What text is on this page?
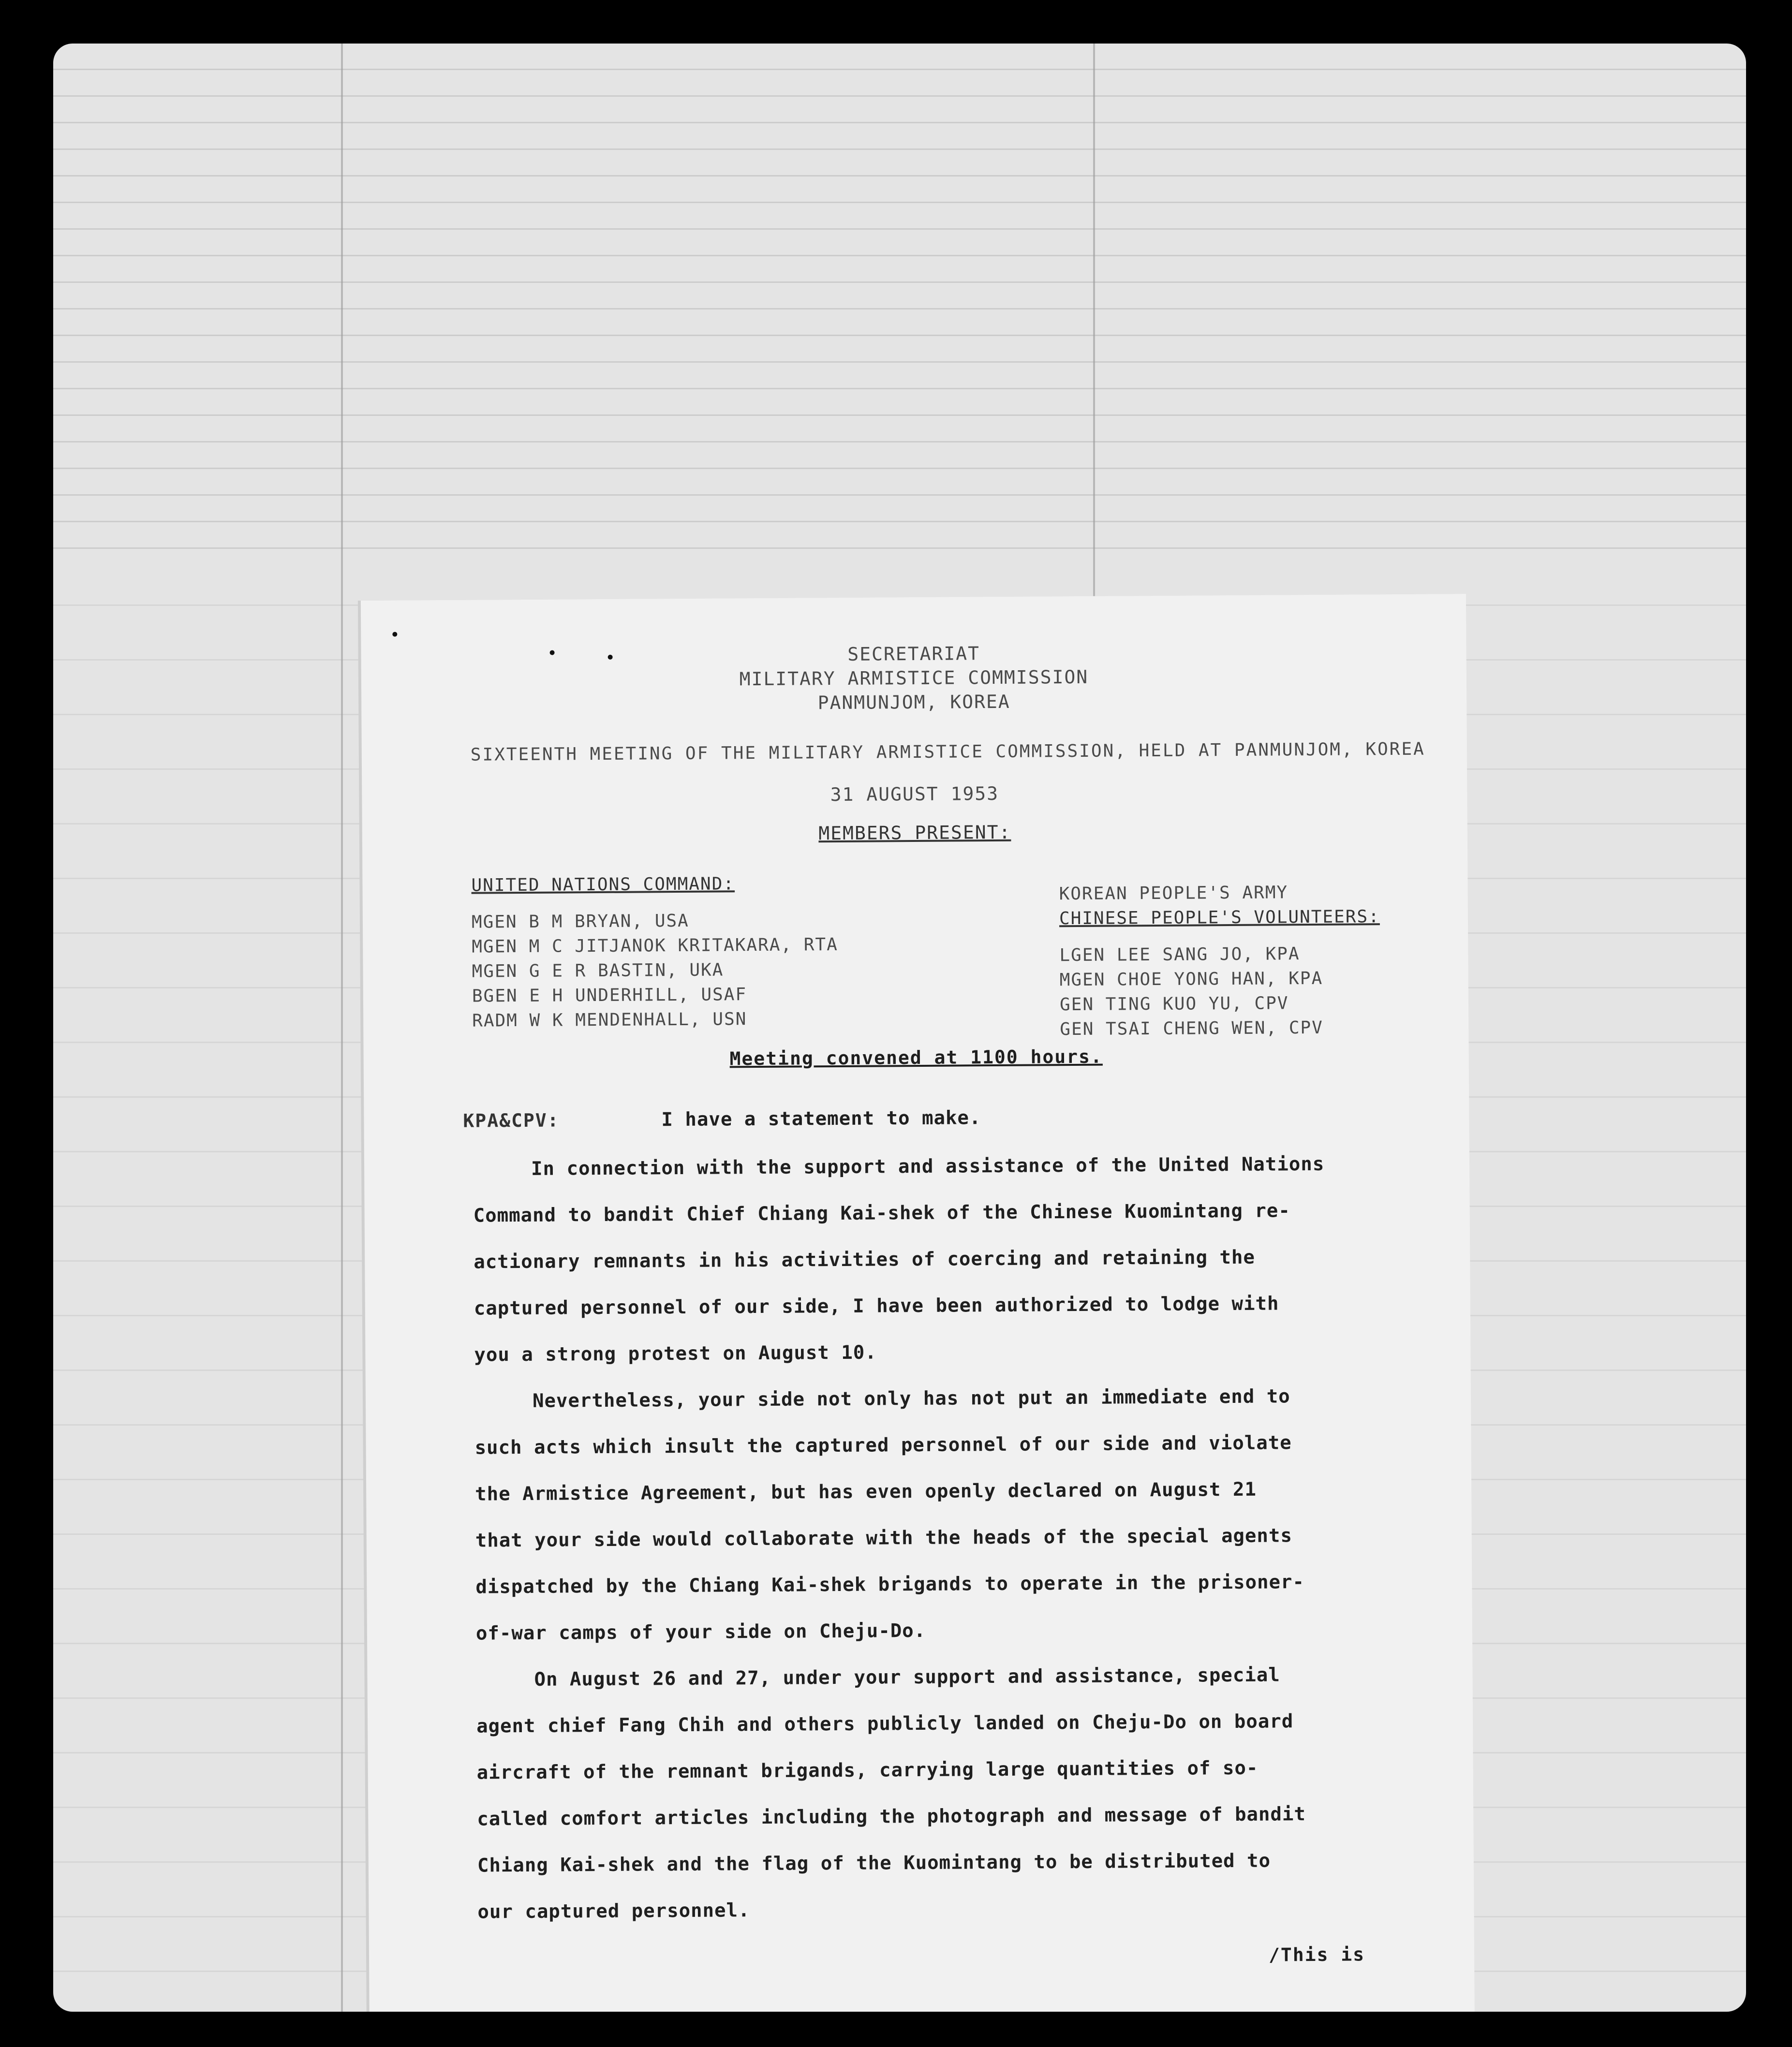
SECRETARIAT
MILITARY ARMISTICE COMMISSION
PANMUNJOM, KOREA
SIXTEENTH MEETING OF THE MILITARY ARMISTICE COMMISSION, HELD AT PANMUNJOM, KOREA
31 AUGUST 1953
MEMBERS PRESENT:
UNITED NATIONS COMMAND:
MGEN B M BRYAN, USA
MGEN M C JITJANOK KRITAKARA, RTA
MGEN G E R BASTIN, UKA
BGEN E H UNDERHILL, USAF
RADM W K MENDENHALL, USN
KOREAN PEOPLE'S ARMY
CHINESE PEOPLE'S VOLUNTEERS:
LGEN LEE SANG JO, KPA
MGEN CHOE YONG HAN, KPA
GEN TING KUO YU, CPV
GEN TSAI CHENG WEN, CPV
Meeting convened at 1100 hours.
KPA&CPV:	I have a statement to make.
In connection with the support and assistance of the United Nations
Command to bandit Chief Chiang Kai-shek of the Chinese Kuomintang re-
actionary remnants in his activities of coercing and retaining the
captured personnel of our side, I have been authorized to lodge with
you a strong protest on August 10.
Nevertheless, your side not only has not put an immediate end to
such acts which insult the captured personnel of our side and violate
the Armistice Agreement, but has even openly declared on August 21
that your side would collaborate with the heads of the special agents
dispatched by the Chiang Kai-shek brigands to operate in the prisoner-
of-war camps of your side on Cheju-Do.
On August 26 and 27, under your support and assistance, special
agent chief Fang Chih and others publicly landed on Cheju-Do on board
aircraft of the remnant brigands, carrying large quantities of so-
called comfort articles including the photograph and message of bandit
Chiang Kai-shek and the flag of the Kuomintang to be distributed to
our captured personnel.
/This is
